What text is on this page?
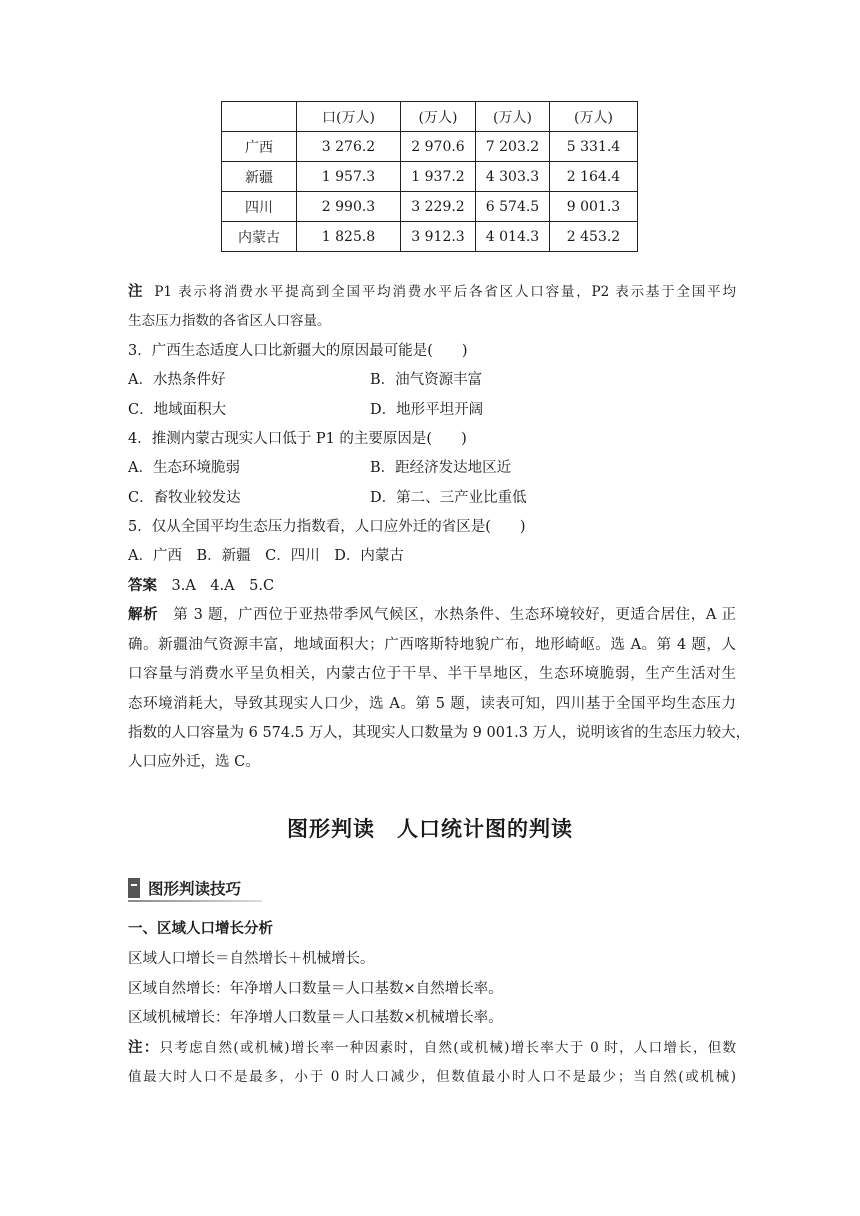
	口(万人)	(万人)	(万人)	(万人)
广西	3 276.2	2 970.6	7 203.2	5 331.4
新疆	1 957.3	1 937.2	4 303.3	2 164.4
四川	2 990.3	3 229.2	6 574.5	9 001.3
内蒙古	1 825.8	3 912.3	4 014.3	2 453.2
注 P1 表示将消费水平提高到全国平均消费水平后各省区人口容量，P2 表示基于全国平均
生态压力指数的各省区人口容量。
3．广西生态适度人口比新疆大的原因最可能是(　　)
A．水热条件好	B．油气资源丰富
C．地域面积大	D．地形平坦开阔
4．推测内蒙古现实人口低于 P1 的主要原因是(　　)
A．生态环境脆弱	B．距经济发达地区近
C．畜牧业较发达	D．第二、三产业比重低
5．仅从全国平均生态压力指数看，人口应外迁的省区是(　　)
A．广西　B．新疆　C．四川　D．内蒙古
答案　 3.A　4.A　5.C
解析　 第 3 题，广西位于亚热带季风气候区，水热条件、生态环境较好，更适合居住，A 正
确。新疆油气资源丰富，地域面积大；广西喀斯特地貌广布，地形崎岖。选 A。第 4 题，人
口容量与消费水平呈负相关，内蒙古位于干旱、半干旱地区，生态环境脆弱，生产生活对生
态环境消耗大，导致其现实人口少，选 A。第 5 题，读表可知，四川基于全国平均生态压力
指数的人口容量为 6 574.5 万人，其现实人口数量为 9 001.3 万人，说明该省的生态压力较大，
人口应外迁，选 C。
图形判读　人口统计图的判读
图形判读技巧
一、区域人口增长分析
区域人口增长＝自然增长＋机械增长。
区域自然增长：年净增人口数量＝人口基数×自然增长率。
区域机械增长：年净增人口数量＝人口基数×机械增长率。
注：只考虑自然(或机械)增长率一种因素时，自然(或机械)增长率大于 0 时，人口增长，但数
值最大时人口不是最多，小于 0 时人口减少，但数值最小时人口不是最少；当自然(或机械)
